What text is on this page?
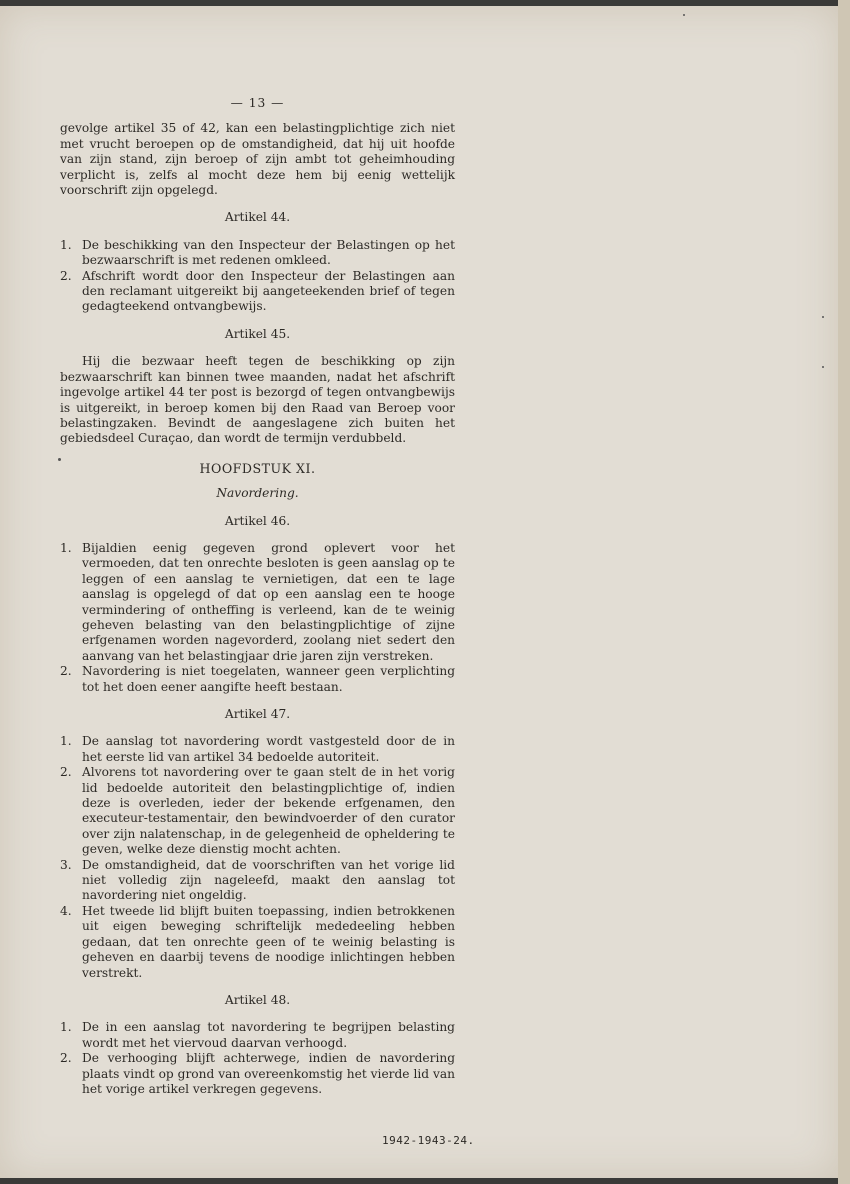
— 13 —

gevolge artikel 35 of 42, kan een belastingplichtige zich niet met vrucht beroepen op de omstandigheid, dat hij uit hoofde van zijn stand, zijn beroep of zijn ambt tot geheimhouding verplicht is, zelfs al mocht deze hem bij eenig wettelijk voorschrift zijn opgelegd.

Artikel 44.
1. De beschikking van den Inspecteur der Belastingen op het bezwaarschrift is met redenen omkleed.
2. Afschrift wordt door den Inspecteur der Belastingen aan den reclamant uitgereikt bij aangeteekenden brief of tegen gedagteekend ontvangbewijs.
Artikel 45.

Hij die bezwaar heeft tegen de beschikking op zijn bezwaarschrift kan binnen twee maanden, nadat het afschrift ingevolge artikel 44 ter post is bezorgd of tegen ontvangbewijs is uitgereikt, in beroep komen bij den Raad van Beroep voor belastingzaken. Bevindt de aangeslagene zich buiten het gebiedsdeel Curaçao, dan wordt de termijn verdubbeld.

HOOFDSTUK XI.
Navordering.
Artikel 46.
1. Bijaldien eenig gegeven grond oplevert voor het vermoeden, dat ten onrechte besloten is geen aanslag op te leggen of een aanslag te vernietigen, dat een te lage aanslag is opgelegd of dat op een aanslag een te hooge vermindering of ontheffing is verleend, kan de te weinig geheven belasting van den belastingplichtige of zijne erfgenamen worden nagevorderd, zoolang niet sedert den aanvang van het belastingjaar drie jaren zijn verstreken.
2. Navordering is niet toegelaten, wanneer geen verplichting tot het doen eener aangifte heeft bestaan.
Artikel 47.
1. De aanslag tot navordering wordt vastgesteld door de in het eerste lid van artikel 34 bedoelde autoriteit.
2. Alvorens tot navordering over te gaan stelt de in het vorig lid bedoelde autoriteit den belastingplichtige of, indien deze is overleden, ieder der bekende erfgenamen, den executeur-testamentair, den bewindvoerder of den curator over zijn nalatenschap, in de gelegenheid de opheldering te geven, welke deze dienstig mocht achten.
3. De omstandigheid, dat de voorschriften van het vorige lid niet volledig zijn nageleefd, maakt den aanslag tot navordering niet ongeldig.
4. Het tweede lid blijft buiten toepassing, indien betrokkenen uit eigen beweging schriftelijk mededeeling hebben gedaan, dat ten onrechte geen of te weinig belasting is geheven en daarbij tevens de noodige inlichtingen hebben verstrekt.
Artikel 48.
1. De in een aanslag tot navordering te begrijpen belasting wordt met het viervoud daarvan verhoogd.
2. De verhooging blijft achterwege, indien de navordering plaats vindt op grond van overeenkomstig het vierde lid van het vorige artikel verkregen gegevens.
1942-1943-24.
